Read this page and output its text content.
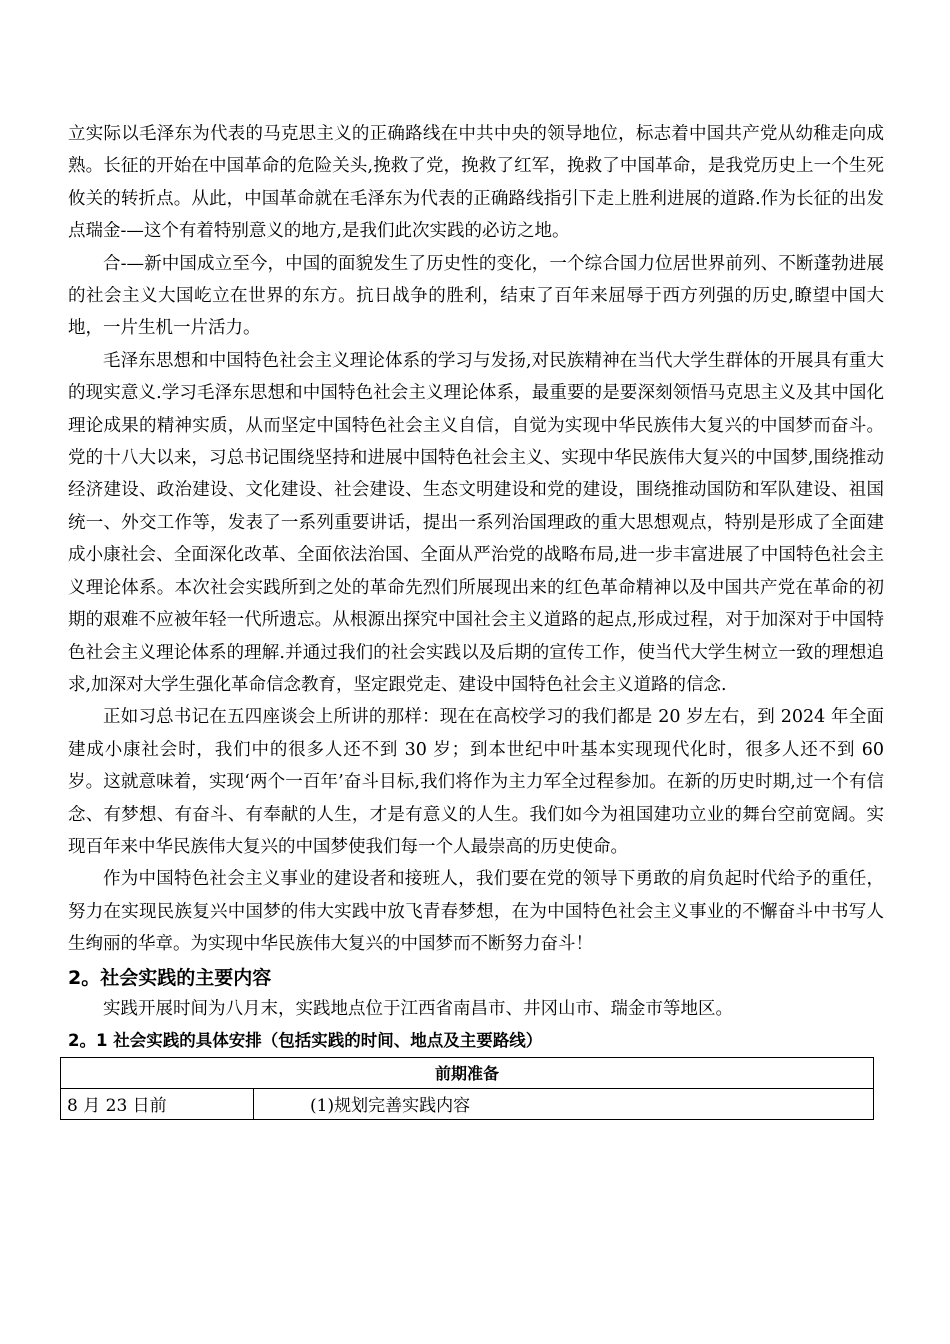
立实际以毛泽东为代表的马克思主义的正确路线在中共中央的领导地位，标志着中国共产党从幼稚走向成熟。长征的开始在中国革命的危险关头,挽救了党，挽救了红军，挽救了中国革命，是我党历史上一个生死攸关的转折点。从此，中国革命就在毛泽东为代表的正确路线指引下走上胜利进展的道路.作为长征的出发点瑞金-—这个有着特别意义的地方,是我们此次实践的必访之地。

合-—新中国成立至今，中国的面貌发生了历史性的变化，一个综合国力位居世界前列、不断蓬勃进展的社会主义大国屹立在世界的东方。抗日战争的胜利，结束了百年来屈辱于西方列强的历史,瞭望中国大地，一片生机一片活力。

毛泽东思想和中国特色社会主义理论体系的学习与发扬,对民族精神在当代大学生群体的开展具有重大的现实意义.学习毛泽东思想和中国特色社会主义理论体系，最重要的是要深刻领悟马克思主义及其中国化理论成果的精神实质，从而坚定中国特色社会主义自信，自觉为实现中华民族伟大复兴的中国梦而奋斗。党的十八大以来，习总书记围绕坚持和进展中国特色社会主义、实现中华民族伟大复兴的中国梦,围绕推动经济建设、政治建设、文化建设、社会建设、生态文明建设和党的建设，围绕推动国防和军队建设、祖国统一、外交工作等，发表了一系列重要讲话，提出一系列治国理政的重大思想观点，特别是形成了全面建成小康社会、全面深化改革、全面依法治国、全面从严治党的战略布局,进一步丰富进展了中国特色社会主义理论体系。本次社会实践所到之处的革命先烈们所展现出来的红色革命精神以及中国共产党在革命的初期的艰难不应被年轻一代所遗忘。从根源出探究中国社会主义道路的起点,形成过程，对于加深对于中国特色社会主义理论体系的理解.并通过我们的社会实践以及后期的宣传工作，使当代大学生树立一致的理想追求,加深对大学生强化革命信念教育，坚定跟党走、建设中国特色社会主义道路的信念.

正如习总书记在五四座谈会上所讲的那样：现在在高校学习的我们都是 20 岁左右，到 2024 年全面建成小康社会时，我们中的很多人还不到 30 岁；到本世纪中叶基本实现现代化时，很多人还不到 60 岁。这就意味着，实现‘两个一百年’奋斗目标,我们将作为主力军全过程参加。在新的历史时期,过一个有信念、有梦想、有奋斗、有奉献的人生，才是有意义的人生。我们如今为祖国建功立业的舞台空前宽阔。实现百年来中华民族伟大复兴的中国梦使我们每一个人最崇高的历史使命。

作为中国特色社会主义事业的建设者和接班人，我们要在党的领导下勇敢的肩负起时代给予的重任，努力在实现民族复兴中国梦的伟大实践中放飞青春梦想，在为中国特色社会主义事业的不懈奋斗中书写人生绚丽的华章。为实现中华民族伟大复兴的中国梦而不断努力奋斗！

2。社会实践的主要内容

实践开展时间为八月末，实践地点位于江西省南昌市、井冈山市、瑞金市等地区。

2。1 社会实践的具体安排（包括实践的时间、地点及主要路线）
前期准备
8 月 23 日前	(1)规划完善实践内容
